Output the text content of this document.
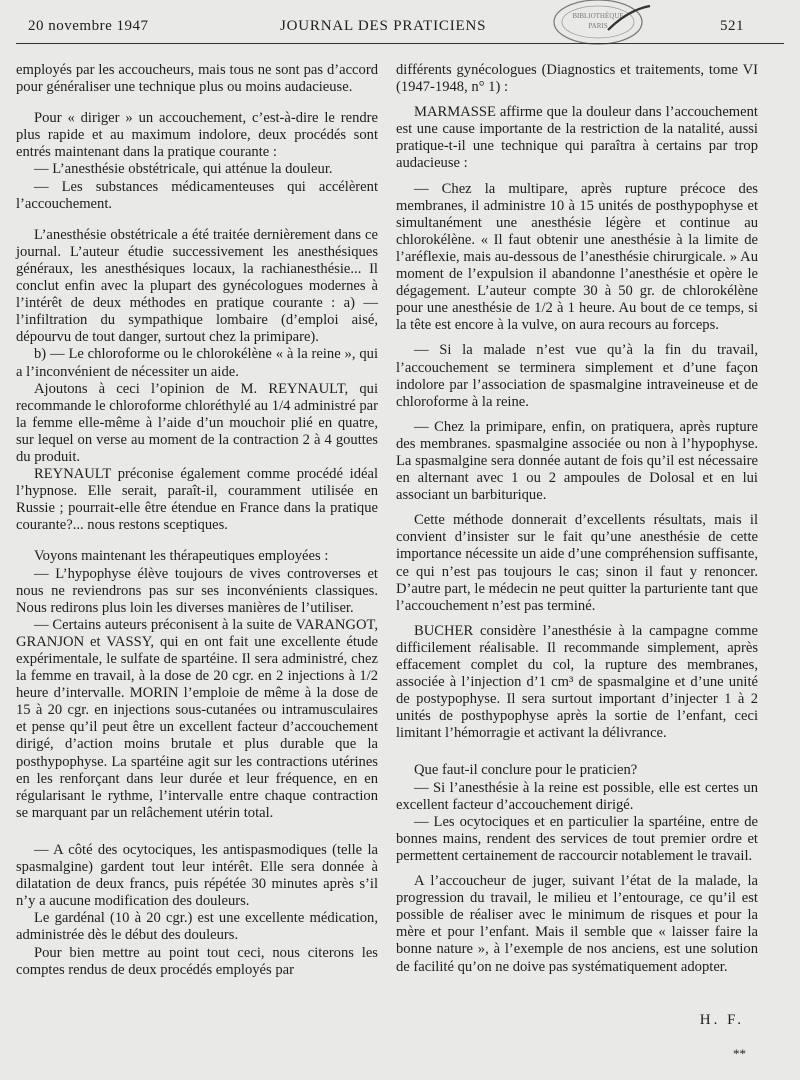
20 novembre 1947	JOURNAL DES PRATICIENS	521
BIBLIOTHÈQUE
PARIS

employés par les accoucheurs, mais tous ne sont pas d’accord pour généraliser une technique plus ou moins audacieuse.

Pour « diriger » un accouchement, c’est-à-dire le rendre plus rapide et au maximum indolore, deux procédés sont entrés maintenant dans la pratique courante :

— L’anesthésie obstétricale, qui atténue la douleur.

— Les substances médicamenteuses qui accélèrent l’accouchement.

L’anesthésie obstétricale a été traitée dernièrement dans ce journal. L’auteur étudie successivement les anesthésiques généraux, les anesthésiques locaux, la rachianesthésie... Il conclut enfin avec la plupart des gynécologues modernes à l’intérêt de deux méthodes en pratique courante : a) — l’infiltration du sympathique lombaire (d’emploi aisé, dépourvu de tout danger, surtout chez la primipare).

b) — Le chloroforme ou le chlorokélène « à la reine », qui a l’inconvénient de nécessiter un aide.

Ajoutons à ceci l’opinion de M. REYNAULT, qui recommande le chloroforme chloréthylé au 1/4 administré par la femme elle-même à l’aide d’un mouchoir plié en quatre, sur lequel on verse au moment de la contraction 2 à 4 gouttes du produit.

REYNAULT préconise également comme procédé idéal l’hypnose. Elle serait, paraît-il, couramment utilisée en Russie ; pourrait-elle être étendue en France dans la pratique courante?... nous restons sceptiques.

Voyons maintenant les thérapeutiques employées :

— L’hypophyse élève toujours de vives controverses et nous ne reviendrons pas sur ses inconvénients classiques. Nous redirons plus loin les diverses manières de l’utiliser.

— Certains auteurs préconisent à la suite de VARANGOT, GRANJON et VASSY, qui en ont fait une excellente étude expérimentale, le sulfate de spartéine. Il sera administré, chez la femme en travail, à la dose de 20 cgr. en 2 injections à 1/2 heure d’intervalle. MORIN l’emploie de même à la dose de 15 à 20 cgr. en injections sous-cutanées ou intramusculaires et pense qu’il peut être un excellent facteur d’accouchement dirigé, d’action moins brutale et plus durable que la posthypophyse. La spartéine agit sur les contractions utérines en les renforçant dans leur durée et leur fréquence, en en régularisant le rythme, l’intervalle entre chaque contraction se marquant par un relâchement utérin total.

— A côté des ocytociques, les antispasmodiques (telle la spasmalgine) gardent tout leur intérêt. Elle sera donnée à dilatation de deux francs, puis répétée 30 minutes après s’il n’y a aucune modification des douleurs.

Le gardénal (10 à 20 cgr.) est une excellente médication, administrée dès le début des douleurs.

Pour bien mettre au point tout ceci, nous citerons les comptes rendus de deux procédés employés par

différents gynécologues (Diagnostics et traitements, tome VI (1947-1948, n° 1) :

MARMASSE affirme que la douleur dans l’accouchement est une cause importante de la restriction de la natalité, aussi pratique-t-il une technique qui paraîtra à certains par trop audacieuse :

— Chez la multipare, après rupture précoce des membranes, il administre 10 à 15 unités de posthypophyse et simultanément une anesthésie légère et continue au chlorokélène. « Il faut obtenir une anesthésie à la limite de l’aréflexie, mais au-dessous de l’anesthésie chirurgicale. » Au moment de l’expulsion il abandonne l’anesthésie et opère le dégagement. L’auteur compte 30 à 50 gr. de chlorokélène pour une anesthésie de 1/2 à 1 heure. Au bout de ce temps, si la tête est encore à la vulve, on aura recours au forceps.

— Si la malade n’est vue qu’à la fin du travail, l’accouchement se terminera simplement et d’une façon indolore par l’association de spasmalgine intraveineuse et de chloroforme à la reine.

— Chez la primipare, enfin, on pratiquera, après rupture des membranes. spasmalgine associée ou non à l’hypophyse. La spasmalgine sera donnée autant de fois qu’il est nécessaire en alternant avec 1 ou 2 ampoules de Dolosal et en lui associant un barbiturique.

Cette méthode donnerait d’excellents résultats, mais il convient d’insister sur le fait qu’une anesthésie de cette importance nécessite un aide d’une compréhension suffisante, ce qui n’est pas toujours le cas; sinon il faut y renoncer. D’autre part, le médecin ne peut quitter la parturiente tant que l’accouchement n’est pas terminé.

BUCHER considère l’anesthésie à la campagne comme difficilement réalisable. Il recommande simplement, après effacement complet du col, la rupture des membranes, associée à l’injection d’1 cm³ de spasmalgine et d’une unité de postypophyse. Il sera surtout important d’injecter 1 à 2 unités de posthypophyse après la sortie de l’enfant, ceci limitant l’hémorragie et activant la délivrance.

Que faut-il conclure pour le praticien?

— Si l’anesthésie à la reine est possible, elle est certes un excellent facteur d’accouchement dirigé.

— Les ocytociques et en particulier la spartéine, entre de bonnes mains, rendent des services de tout premier ordre et permettent certainement de raccourcir notablement le travail.

A l’accoucheur de juger, suivant l’état de la malade, la progression du travail, le milieu et l’entourage, ce qu’il est possible de réaliser avec le minimum de risques et pour la mère et pour l’enfant. Mais il semble que « laisser faire la bonne nature », à l’exemple de nos anciens, est une solution de facilité qu’on ne doive pas systématiquement adopter.

H. F.
**
